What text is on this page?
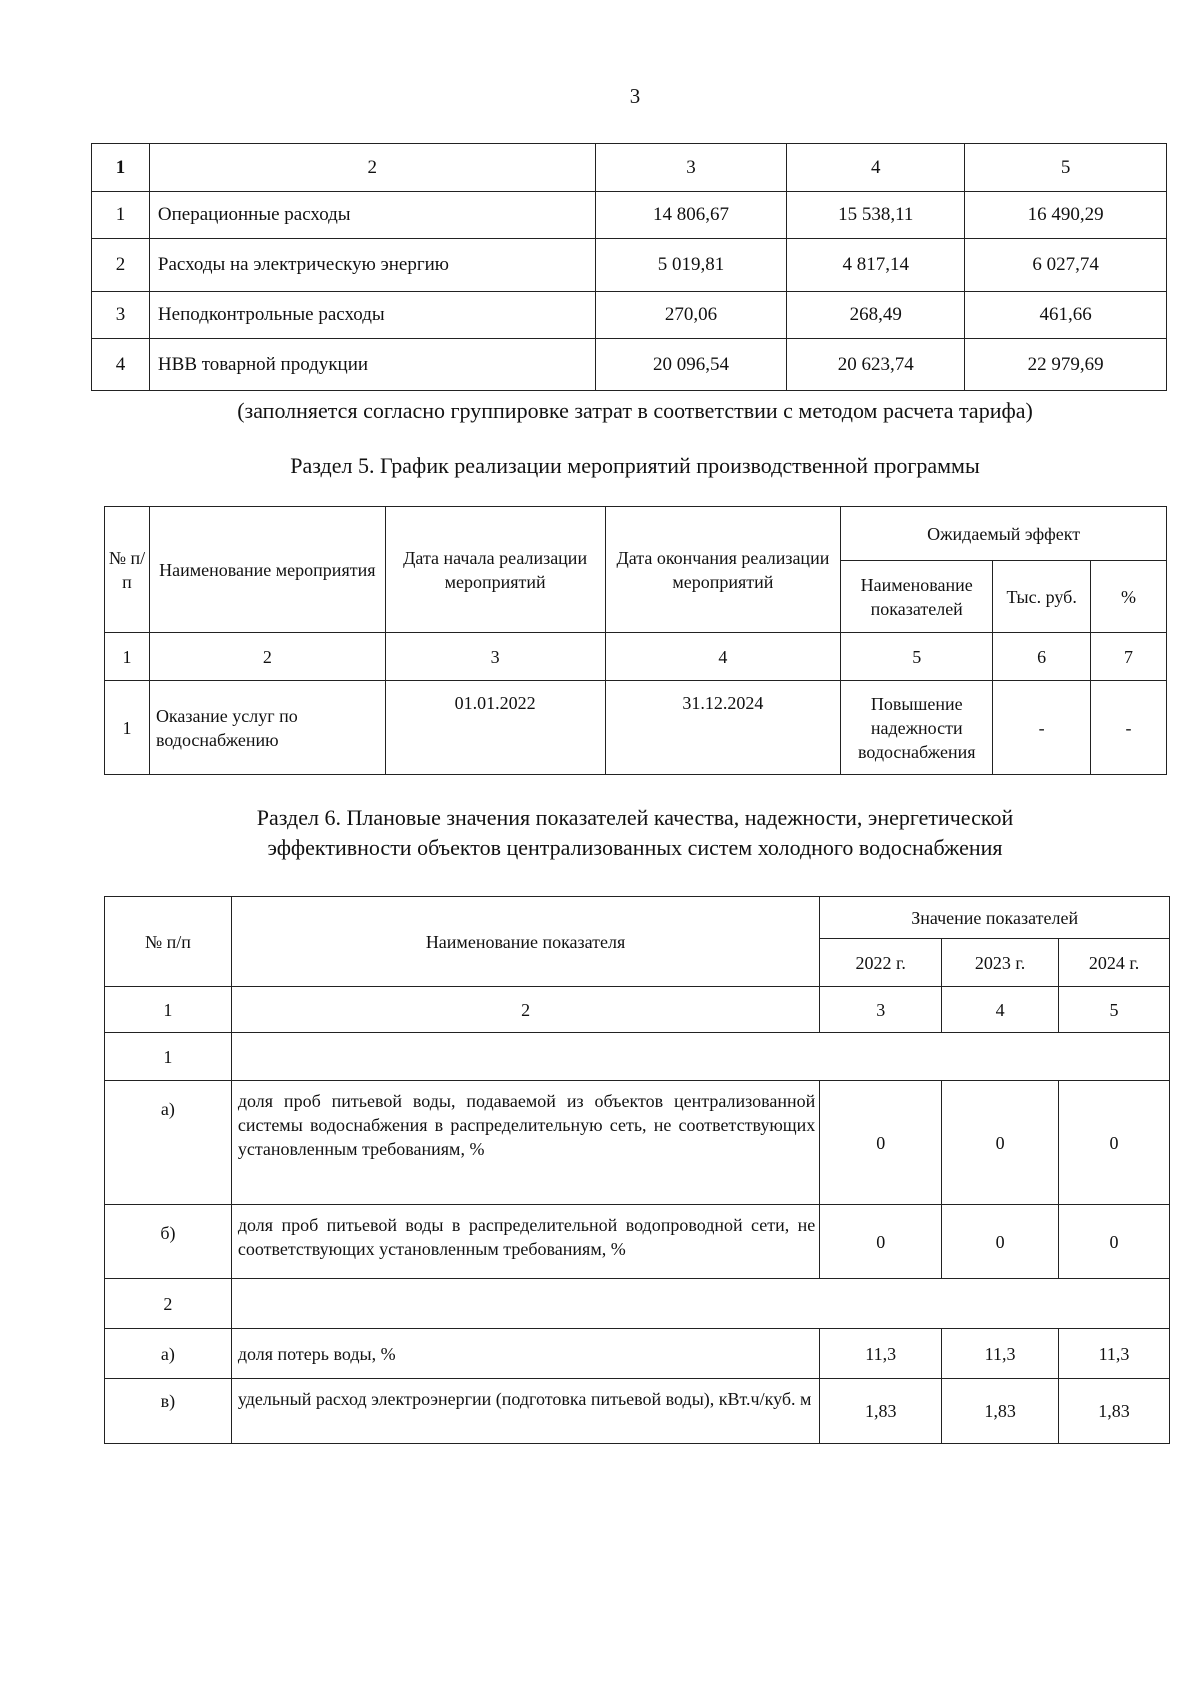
3
1	2	3	4	5
1	Операционные расходы	14 806,67	15 538,11	16 490,29
2	Расходы на электрическую энергию	5 019,81	4 817,14	6 027,74
3	Неподконтрольные расходы	270,06	268,49	461,66
4	НВВ товарной продукции	20 096,54	20 623,74	22 979,69
(заполняется согласно группировке затрат в соответствии с методом расчета тарифа)
Раздел 5. График реализации мероприятий производственной программы
№ п/п	Наименование мероприятия	Дата начала реализации мероприятий	Дата окончания реализации мероприятий	Ожидаемый эффект		
				Наименование показателей	Тыс. руб.	%
1	2	3	4	5	6	7
1	Оказание услуг по водоснабжению	01.01.2022	31.12.2024	Повышение надежности водоснабжения	-	-
Раздел 6. Плановые значения показателей качества, надежности, энергетической
эффективности объектов централизованных систем холодного водоснабжения
№ п/п	Наименование показателя	Значение показателей		
		2022 г.	2023 г.	2024 г.
1	2	3	4	5
1				
а)	доля проб питьевой воды, подаваемой из объектов централизованной системы водоснабжения в распределительную сеть, не соответствующих установленным требованиям, %	0	0	0
б)	доля проб питьевой воды в распределительной водопроводной сети, не соответствующих установленным требованиям, %	0	0	0
2				
а)	доля потерь воды, %	11,3	11,3	11,3
в)	удельный расход электроэнергии (подготовка питьевой воды), кВт.ч/куб. м	1,83	1,83	1,83
